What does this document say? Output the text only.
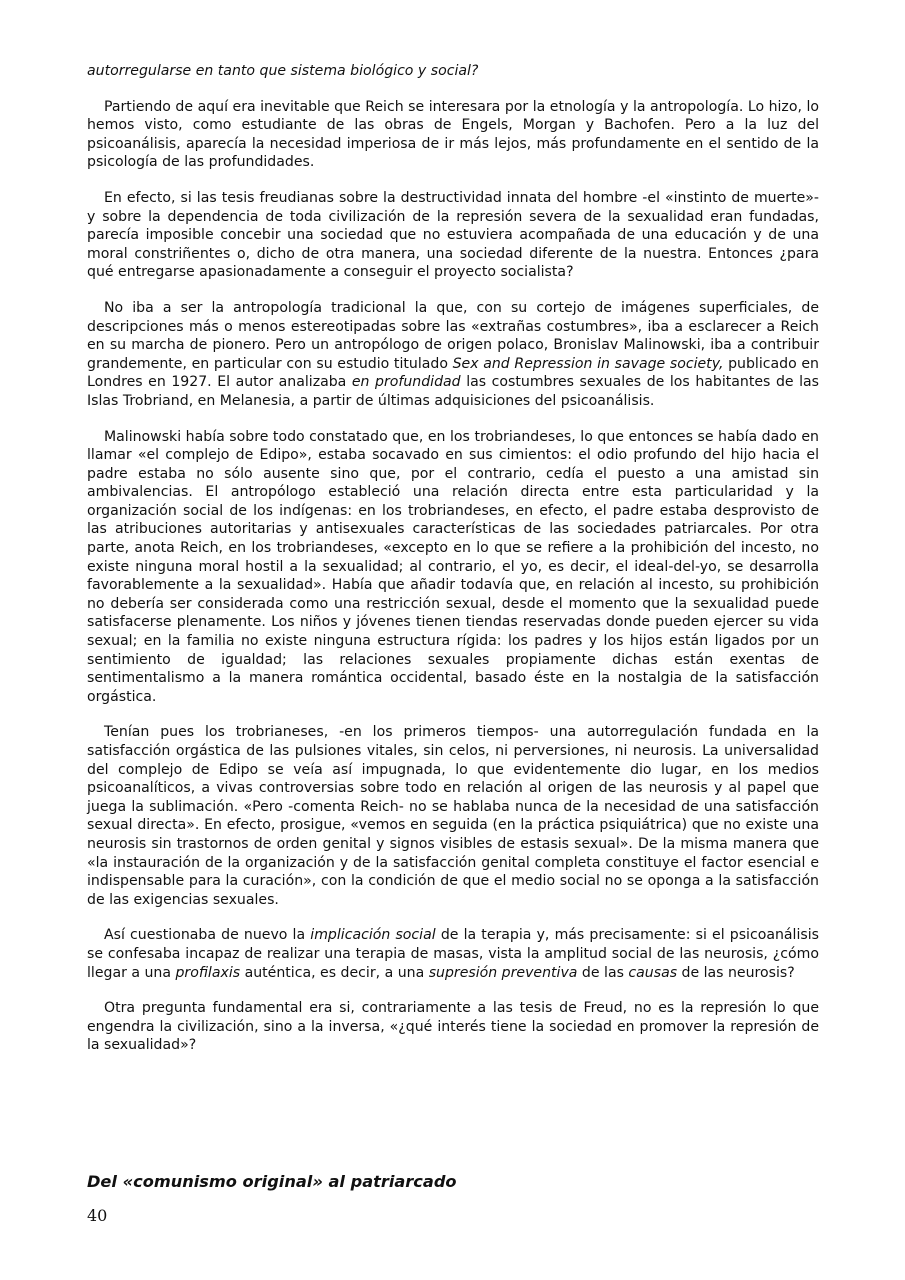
autorregularse en tanto que sistema biológico y social?

Partiendo de aquí era inevitable que Reich se interesara por la etnología y la antropología. Lo hizo, lo hemos visto, como estudiante de las obras de Engels, Morgan y Bachofen. Pero a la luz del psicoanálisis, aparecía la necesidad imperiosa de ir más lejos, más profundamente en el sentido de la psicología de las profundidades.

En efecto, si las tesis freudianas sobre la destructividad innata del hombre -el «instinto de muerte»- y sobre la dependencia de toda civilización de la represión severa de la sexualidad eran fundadas, parecía imposible concebir una sociedad que no estuviera acompañada de una educación y de una moral constriñentes o, dicho de otra manera, una sociedad diferente de la nuestra. Entonces ¿para qué entregarse apasionadamente a conseguir el proyecto socialista?

No iba a ser la antropología tradicional la que, con su cortejo de imágenes superficiales, de descripciones más o menos estereotipadas sobre las «extrañas costumbres», iba a esclarecer a Reich en su marcha de pionero. Pero un antropólogo de origen polaco, Bronislav Malinowski, iba a contribuir grandemente, en particular con su estudio titulado Sex and Repression in savage society, publicado en Londres en 1927. El autor analizaba en profundidad las costumbres sexuales de los habitantes de las Islas Trobriand, en Melanesia, a partir de últimas adquisiciones del psicoanálisis.

Malinowski había sobre todo constatado que, en los trobriandeses, lo que entonces se había dado en llamar «el complejo de Edipo», estaba socavado en sus cimientos: el odio profundo del hijo hacia el padre estaba no sólo ausente sino que, por el contrario, cedía el puesto a una amistad sin ambivalencias. El antropólogo estableció una relación directa entre esta particularidad y la organización social de los indígenas: en los trobriandeses, en efecto, el padre estaba desprovisto de las atribuciones autoritarias y antisexuales características de las sociedades patriarcales. Por otra parte, anota Reich, en los trobriandeses, «excepto en lo que se refiere a la prohibición del incesto, no existe ninguna moral hostil a la sexualidad; al contrario, el yo, es decir, el ideal-del-yo, se desarrolla favorablemente a la sexualidad». Había que añadir todavía que, en relación al incesto, su prohibición no debería ser considerada como una restricción sexual, desde el momento que la sexualidad puede satisfacerse plenamente. Los niños y jóvenes tienen tiendas reservadas donde pueden ejercer su vida sexual; en la familia no existe ninguna estructura rígida: los padres y los hijos están ligados por un sentimiento de igualdad; las relaciones sexuales propiamente dichas están exentas de sentimentalismo a la manera romántica occidental, basado éste en la nostalgia de la satisfacción orgástica.

Tenían pues los trobrianeses, -en los primeros tiempos- una autorregulación fundada en la satisfacción orgástica de las pulsiones vitales, sin celos, ni perversiones, ni neurosis. La universalidad del complejo de Edipo se veía así impugnada, lo que evidentemente dio lugar, en los medios psicoanalíticos, a vivas controversias sobre todo en relación al origen de las neurosis y al papel que juega la sublimación. «Pero -comenta Reich- no se hablaba nunca de la necesidad de una satisfacción sexual directa». En efecto, prosigue, «vemos en seguida (en la práctica psiquiátrica) que no existe una neurosis sin trastornos de orden genital y signos visibles de estasis sexual». De la misma manera que «la instauración de la organización y de la satisfacción genital completa constituye el factor esencial e indispensable para la curación», con la condición de que el medio social no se oponga a la satisfacción de las exigencias sexuales.

Así cuestionaba de nuevo la implicación social de la terapia y, más precisamente: si el psicoanálisis se confesaba incapaz de realizar una terapia de masas, vista la amplitud social de las neurosis, ¿cómo llegar a una profilaxis auténtica, es decir, a una supresión preventiva de las causas de las neurosis?

Otra pregunta fundamental era si, contrariamente a las tesis de Freud, no es la represión lo que engendra la civilización, sino a la inversa, «¿qué interés tiene la sociedad en promover la represión de la sexualidad»?

Del «comunismo original» al patriarcado
40
